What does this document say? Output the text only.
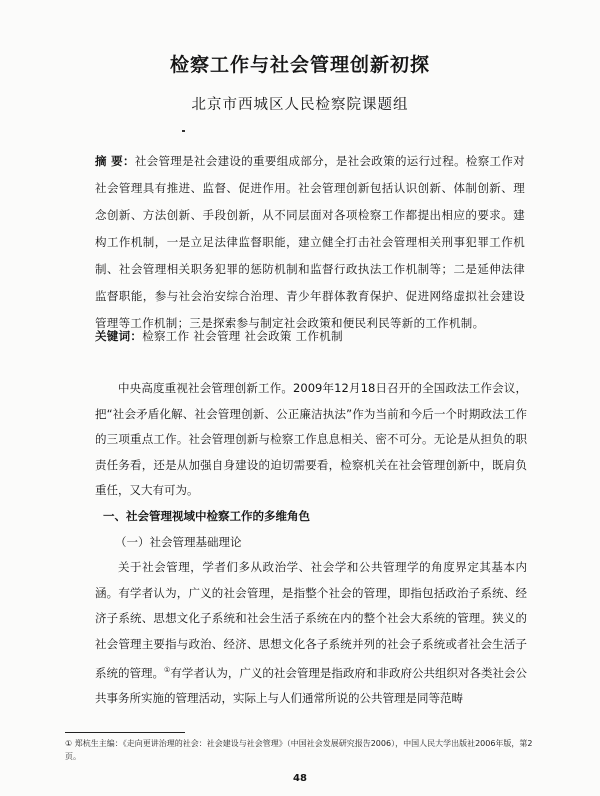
检察工作与社会管理创新初探
北京市西城区人民检察院课题组
摘 要：社会管理是社会建设的重要组成部分，是社会政策的运行过程。检察工作对社会管理具有推进、监督、促进作用。社会管理创新包括认识创新、体制创新、理念创新、方法创新、手段创新，从不同层面对各项检察工作都提出相应的要求。建构工作机制，一是立足法律监督职能，建立健全打击社会管理相关刑事犯罪工作机制、社会管理相关职务犯罪的惩防机制和监督行政执法工作机制等；二是延伸法律监督职能，参与社会治安综合治理、青少年群体教育保护、促进网络虚拟社会建设管理等工作机制；三是探索参与制定社会政策和便民利民等新的工作机制。
关键词：检察工作 社会管理 社会政策 工作机制

中央高度重视社会管理创新工作。2009年12月18日召开的全国政法工作会议，把“社会矛盾化解、社会管理创新、公正廉洁执法”作为当前和今后一个时期政法工作的三项重点工作。社会管理创新与检察工作息息相关、密不可分。无论是从担负的职责任务看，还是从加强自身建设的迫切需要看，检察机关在社会管理创新中，既肩负重任，又大有可为。

一、社会管理视域中检察工作的多维角色
（一）社会管理基础理论

关于社会管理，学者们多从政治学、社会学和公共管理学的角度界定其基本内涵。有学者认为，广义的社会管理，是指整个社会的管理，即指包括政治子系统、经济子系统、思想文化子系统和社会生活子系统在内的整个社会大系统的管理。狭义的社会管理主要指与政治、经济、思想文化各子系统并列的社会子系统或者社会生活子系统的管理。①有学者认为，广义的社会管理是指政府和非政府公共组织对各类社会公共事务所实施的管理活动，实际上与人们通常所说的公共管理是同等范畴

① 郑杭生主编：《走向更讲治理的社会：社会建设与社会管理》（中国社会发展研究报告2006），中国人民大学出版社2006年版，第2页。
48
